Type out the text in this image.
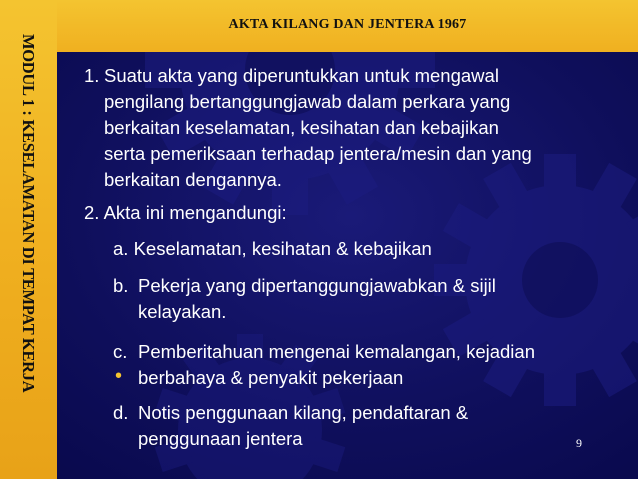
MODUL 1 : KESELAMATAN DI TEMPAT KERJA
AKTA KILANG DAN JENTERA 1967
1. Suatu akta yang diperuntukkan untuk mengawal
pengilang bertanggungjawab dalam perkara yang
berkaitan keselamatan, kesihatan dan kebajikan
serta pemeriksaan terhadap jentera/mesin dan yang
berkaitan dengannya.
2. Akta ini mengandungi:
a. Keselamatan, kesihatan & kebajikan
b. Pekerja yang dipertanggungjawabkan & sijil
kelayakan.
c. Pemberitahuan mengenai kemalangan, kejadian
berbahaya & penyakit pekerjaan
•
d. Notis penggunaan kilang, pendaftaran &
penggunaan jentera	9
